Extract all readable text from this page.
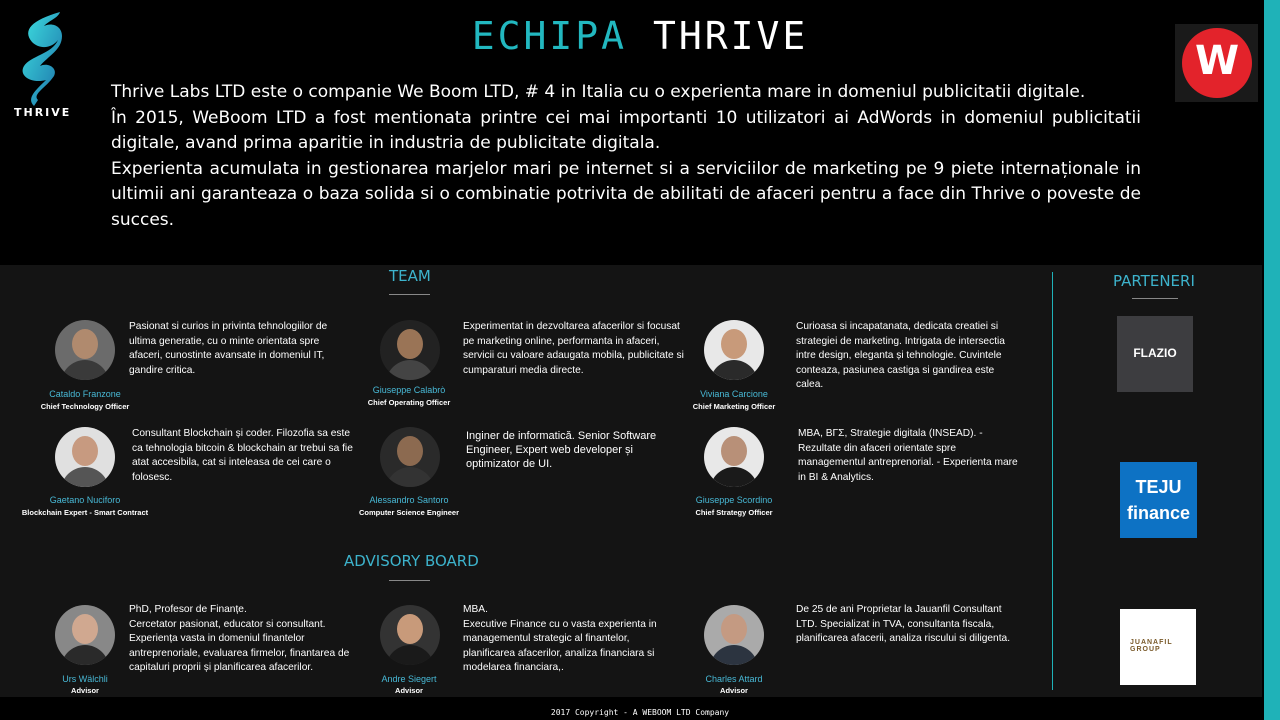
THRIVE
ECHIPA THRIVE
W

Thrive Labs LTD este o companie We Boom LTD, # 4 in Italia cu o experienta mare in domeniul publicitatii digitale.

În 2015, WeBoom LTD a fost mentionata printre cei mai importanti 10 utilizatori ai AdWords in domeniul publicitatii digitale, avand prima aparitie in industria de publicitate digitala.

Experienta acumulata in gestionarea marjelor mari pe internet si a serviciilor de marketing pe 9 piete internaționale in ultimii ani garanteaza o baza solida si o combinatie potrivita de abilitati de afaceri pentru a face din Thrive o poveste de succes.

TEAM
ADVISORY BOARD
Cataldo Franzone
Chief Technology Officer
Pasionat si curios in privinta tehnologiilor de ultima generatie, cu o minte orientata spre afaceri, cunostinte avansate in domeniul IT, gandire critica.
Giuseppe Calabrò
Chief Operating Officer
Experimentat in dezvoltarea afacerilor si focusat pe marketing online, performanta in afaceri, servicii cu valoare adaugata mobila, publicitate si cumparaturi media directe.
Viviana Carcione
Chief Marketing Officer
Curioasa si incapatanata, dedicata creatiei si strategiei de marketing. Intrigata de intersectia intre design, eleganta și tehnologie. Cuvintele conteaza, pasiunea castiga si gandirea este calea.
Gaetano Nuciforo
Blockchain Expert - Smart Contract
Consultant Blockchain și coder. Filozofia sa este ca tehnologia bitcoin & blockchain ar trebui sa fie atat accesibila, cat si inteleasa de cei care o folosesc.
Alessandro Santoro
Computer Science Engineer
Inginer de informatică. Senior Software Engineer, Expert web developer și optimizator de UI.
Giuseppe Scordino
Chief Strategy Officer
MBA, ΒΓΣ, Strategie digitala (INSEAD). - Rezultate din afaceri orientate spre managementul antreprenorial. - Experienta mare in BI & Analytics.
Urs Wälchli
Advisor
PhD, Profesor de Finanțe.
Cercetator pasionat, educator si consultant. Experiența vasta in domeniul finantelor antreprenoriale, evaluarea firmelor, finantarea de capitaluri proprii și planificarea afacerilor.
Andre Siegert
Advisor
MBA.
Executive Finance cu o vasta experienta in managementul strategic al finantelor, planificarea afacerilor, analiza financiara si modelarea financiara,.
Charles Attard
Advisor
De 25 de ani Proprietar la Jauanfil Consultant LTD. Specializat in TVA, consultanta fiscala, planificarea afacerii, analiza riscului si diligenta.
PARTENERI
FLAZIO
TEJU
finance
JUANAFIL GROUP
2017 Copyright - A WEBOOM LTD Company
